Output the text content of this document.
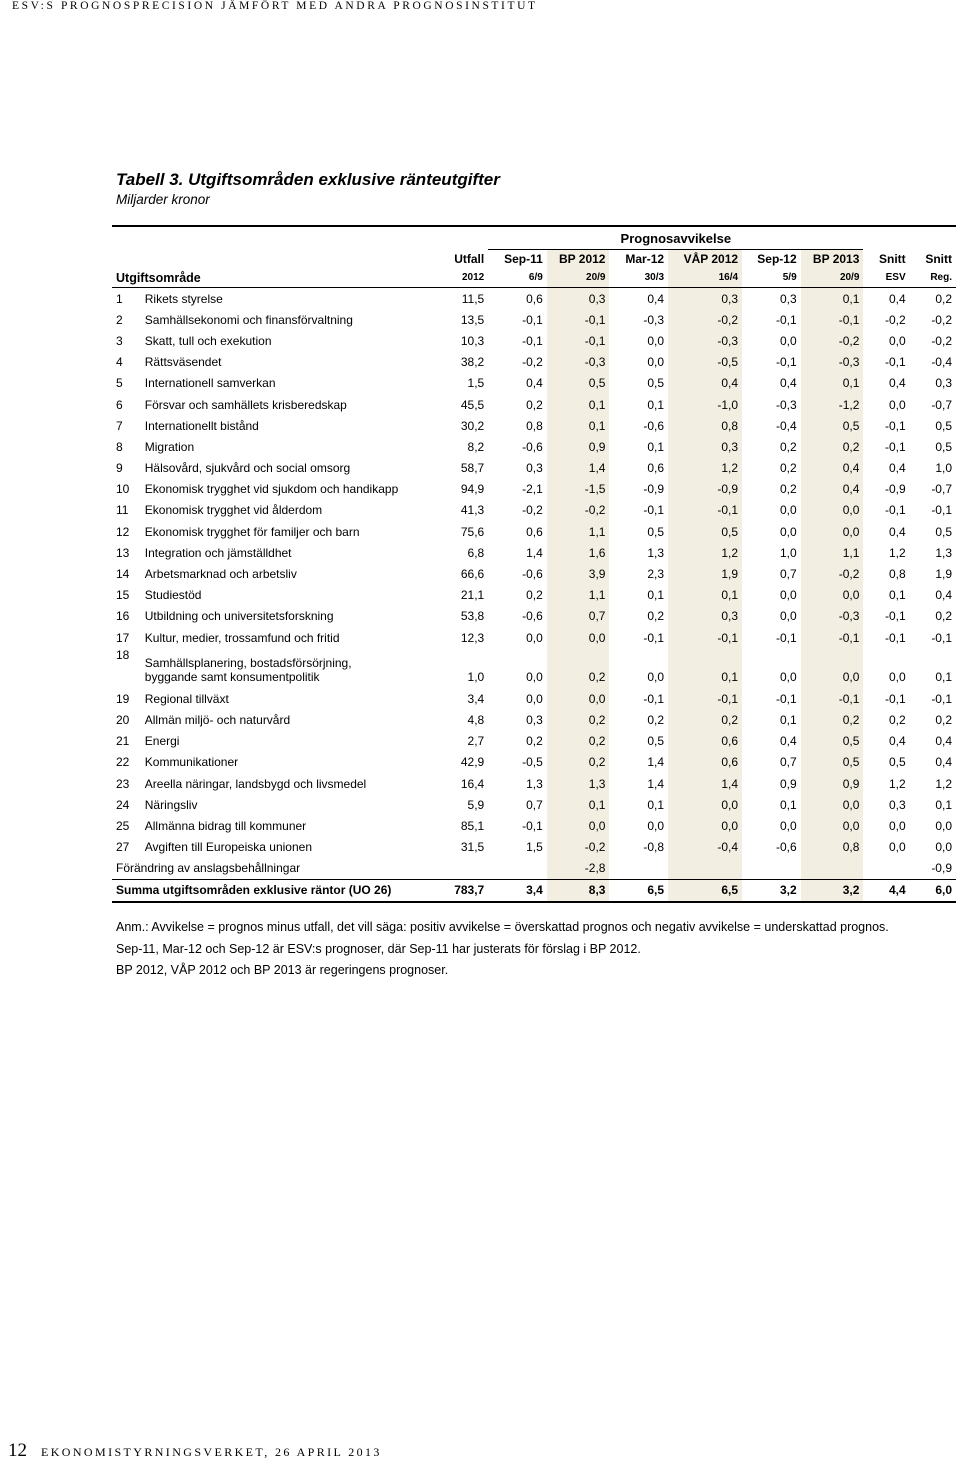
ESV:S PROGNOSPRECISION JÄMFÖRT MED ANDRA PROGNOSINSTITUT
Tabell 3. Utgiftsområden exklusive ränteutgifter
Miljarder kronor
			Prognosavvikelse							
		Utfall	Sep-11	BP 2012	Mar-12	VÅP 2012	Sep-12	BP 2013	Snitt	Snitt
Utgiftsområde		2012	6/9	20/9	30/3	16/4	5/9	20/9	ESV	Reg.
1	Rikets styrelse	11,5	0,6	0,3	0,4	0,3	0,3	0,1	0,4	0,2
2	Samhällsekonomi och finansförvaltning	13,5	-0,1	-0,1	-0,3	-0,2	-0,1	-0,1	-0,2	-0,2
3	Skatt, tull och exekution	10,3	-0,1	-0,1	0,0	-0,3	0,0	-0,2	0,0	-0,2
4	Rättsväsendet	38,2	-0,2	-0,3	0,0	-0,5	-0,1	-0,3	-0,1	-0,4
5	Internationell samverkan	1,5	0,4	0,5	0,5	0,4	0,4	0,1	0,4	0,3
6	Försvar och samhällets krisberedskap	45,5	0,2	0,1	0,1	-1,0	-0,3	-1,2	0,0	-0,7
7	Internationellt bistånd	30,2	0,8	0,1	-0,6	0,8	-0,4	0,5	-0,1	0,5
8	Migration	8,2	-0,6	0,9	0,1	0,3	0,2	0,2	-0,1	0,5
9	Hälsovård, sjukvård och social omsorg	58,7	0,3	1,4	0,6	1,2	0,2	0,4	0,4	1,0
10	Ekonomisk trygghet vid sjukdom och handikapp	94,9	-2,1	-1,5	-0,9	-0,9	0,2	0,4	-0,9	-0,7
11	Ekonomisk trygghet vid ålderdom	41,3	-0,2	-0,2	-0,1	-0,1	0,0	0,0	-0,1	-0,1
12	Ekonomisk trygghet för familjer och barn	75,6	0,6	1,1	0,5	0,5	0,0	0,0	0,4	0,5
13	Integration och jämställdhet	6,8	1,4	1,6	1,3	1,2	1,0	1,1	1,2	1,3
14	Arbetsmarknad och arbetsliv	66,6	-0,6	3,9	2,3	1,9	0,7	-0,2	0,8	1,9
15	Studiestöd	21,1	0,2	1,1	0,1	0,1	0,0	0,0	0,1	0,4
16	Utbildning och universitetsforskning	53,8	-0,6	0,7	0,2	0,3	0,0	-0,3	-0,1	0,2
17	Kultur, medier, trossamfund och fritid	12,3	0,0	0,0	-0,1	-0,1	-0,1	-0,1	-0,1	-0,1
18	Samhällsplanering, bostadsförsörjning,
byggande samt konsumentpolitik	1,0	0,0	0,2	0,0	0,1	0,0	0,0	0,0	0,1
19	Regional tillväxt	3,4	0,0	0,0	-0,1	-0,1	-0,1	-0,1	-0,1	-0,1
20	Allmän miljö- och naturvård	4,8	0,3	0,2	0,2	0,2	0,1	0,2	0,2	0,2
21	Energi	2,7	0,2	0,2	0,5	0,6	0,4	0,5	0,4	0,4
22	Kommunikationer	42,9	-0,5	0,2	1,4	0,6	0,7	0,5	0,5	0,4
23	Areella näringar, landsbygd och livsmedel	16,4	1,3	1,3	1,4	1,4	0,9	0,9	1,2	1,2
24	Näringsliv	5,9	0,7	0,1	0,1	0,0	0,1	0,0	0,3	0,1
25	Allmänna bidrag till kommuner	85,1	-0,1	0,0	0,0	0,0	0,0	0,0	0,0	0,0
27	Avgiften till Europeiska unionen	31,5	1,5	-0,2	-0,8	-0,4	-0,6	0,8	0,0	0,0
Förändring av anslagsbehållningar				-2,8						-0,9
Summa utgiftsområden exklusive räntor (UO 26)		783,7	3,4	8,3	6,5	6,5	3,2	3,2	4,4	6,0
Anm.: Avvikelse = prognos minus utfall, det vill säga: positiv avvikelse = överskattad prognos och negativ avvikelse = underskattad prognos.
Sep-11, Mar-12 och Sep-12 är ESV:s prognoser, där Sep-11 har justerats för förslag i BP 2012.
BP 2012, VÅP 2012 och BP 2013 är regeringens prognoser.
12 EKONOMISTYRNINGSVERKET, 26 APRIL 2013
